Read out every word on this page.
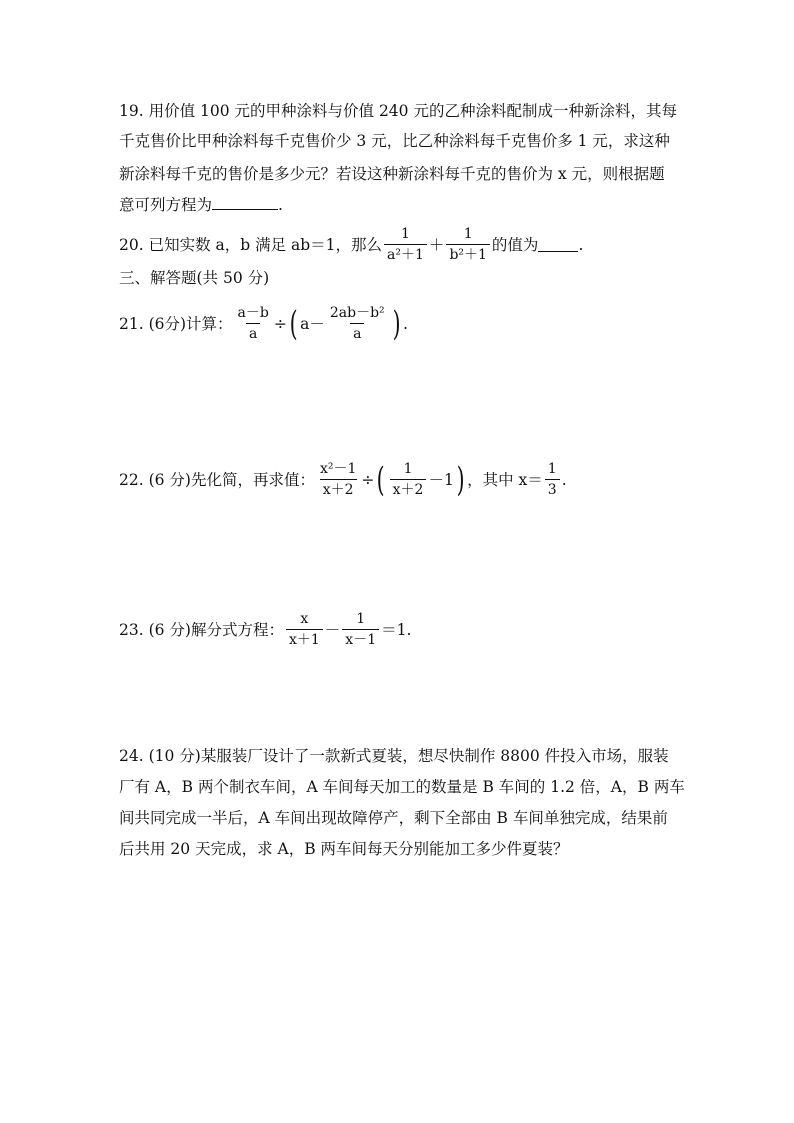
19. 用价值 100 元的甲种涂料与价值 240 元的乙种涂料配制成一种新涂料，其每
千克售价比甲种涂料每千克售价少 3 元，比乙种涂料每千克售价多 1 元，求这种
新涂料每千克的售价是多少元？若设这种新涂料每千克的售价为 x 元，则根据题
意可列方程为	.
20. 已知实数 a，b 满足 ab＝1，那么 $\frac{1}{\text{a²＋1}} + \frac{1}{\text{b²＋1}}$ 的值为	.
三、解答题(共 50 分)
21. (6分)计算： $\frac{a-b}{a}$ ÷( $a- \frac{\text{2ab－b²}}{a}$ ) .
22. (6 分)先化简，再求值： $\frac{\text{x²－1}}{x+2}$ ÷( $\frac{1}{x+2} -1$) ，其中 $x= \frac{1}{3}$ .
23. (6 分)解分式方程： $\frac{x}{x+1} - \frac{1}{x-1} =1$.
24. (10 分)某服装厂设计了一款新式夏装，想尽快制作 8800 件投入市场，服装
厂有 A，B 两个制衣车间，A 车间每天加工的数量是 B 车间的 1.2 倍，A，B 两车
间共同完成一半后，A 车间出现故障停产，剩下全部由 B 车间单独完成，结果前
后共用 20 天完成，求 A，B 两车间每天分别能加工多少件夏装？
